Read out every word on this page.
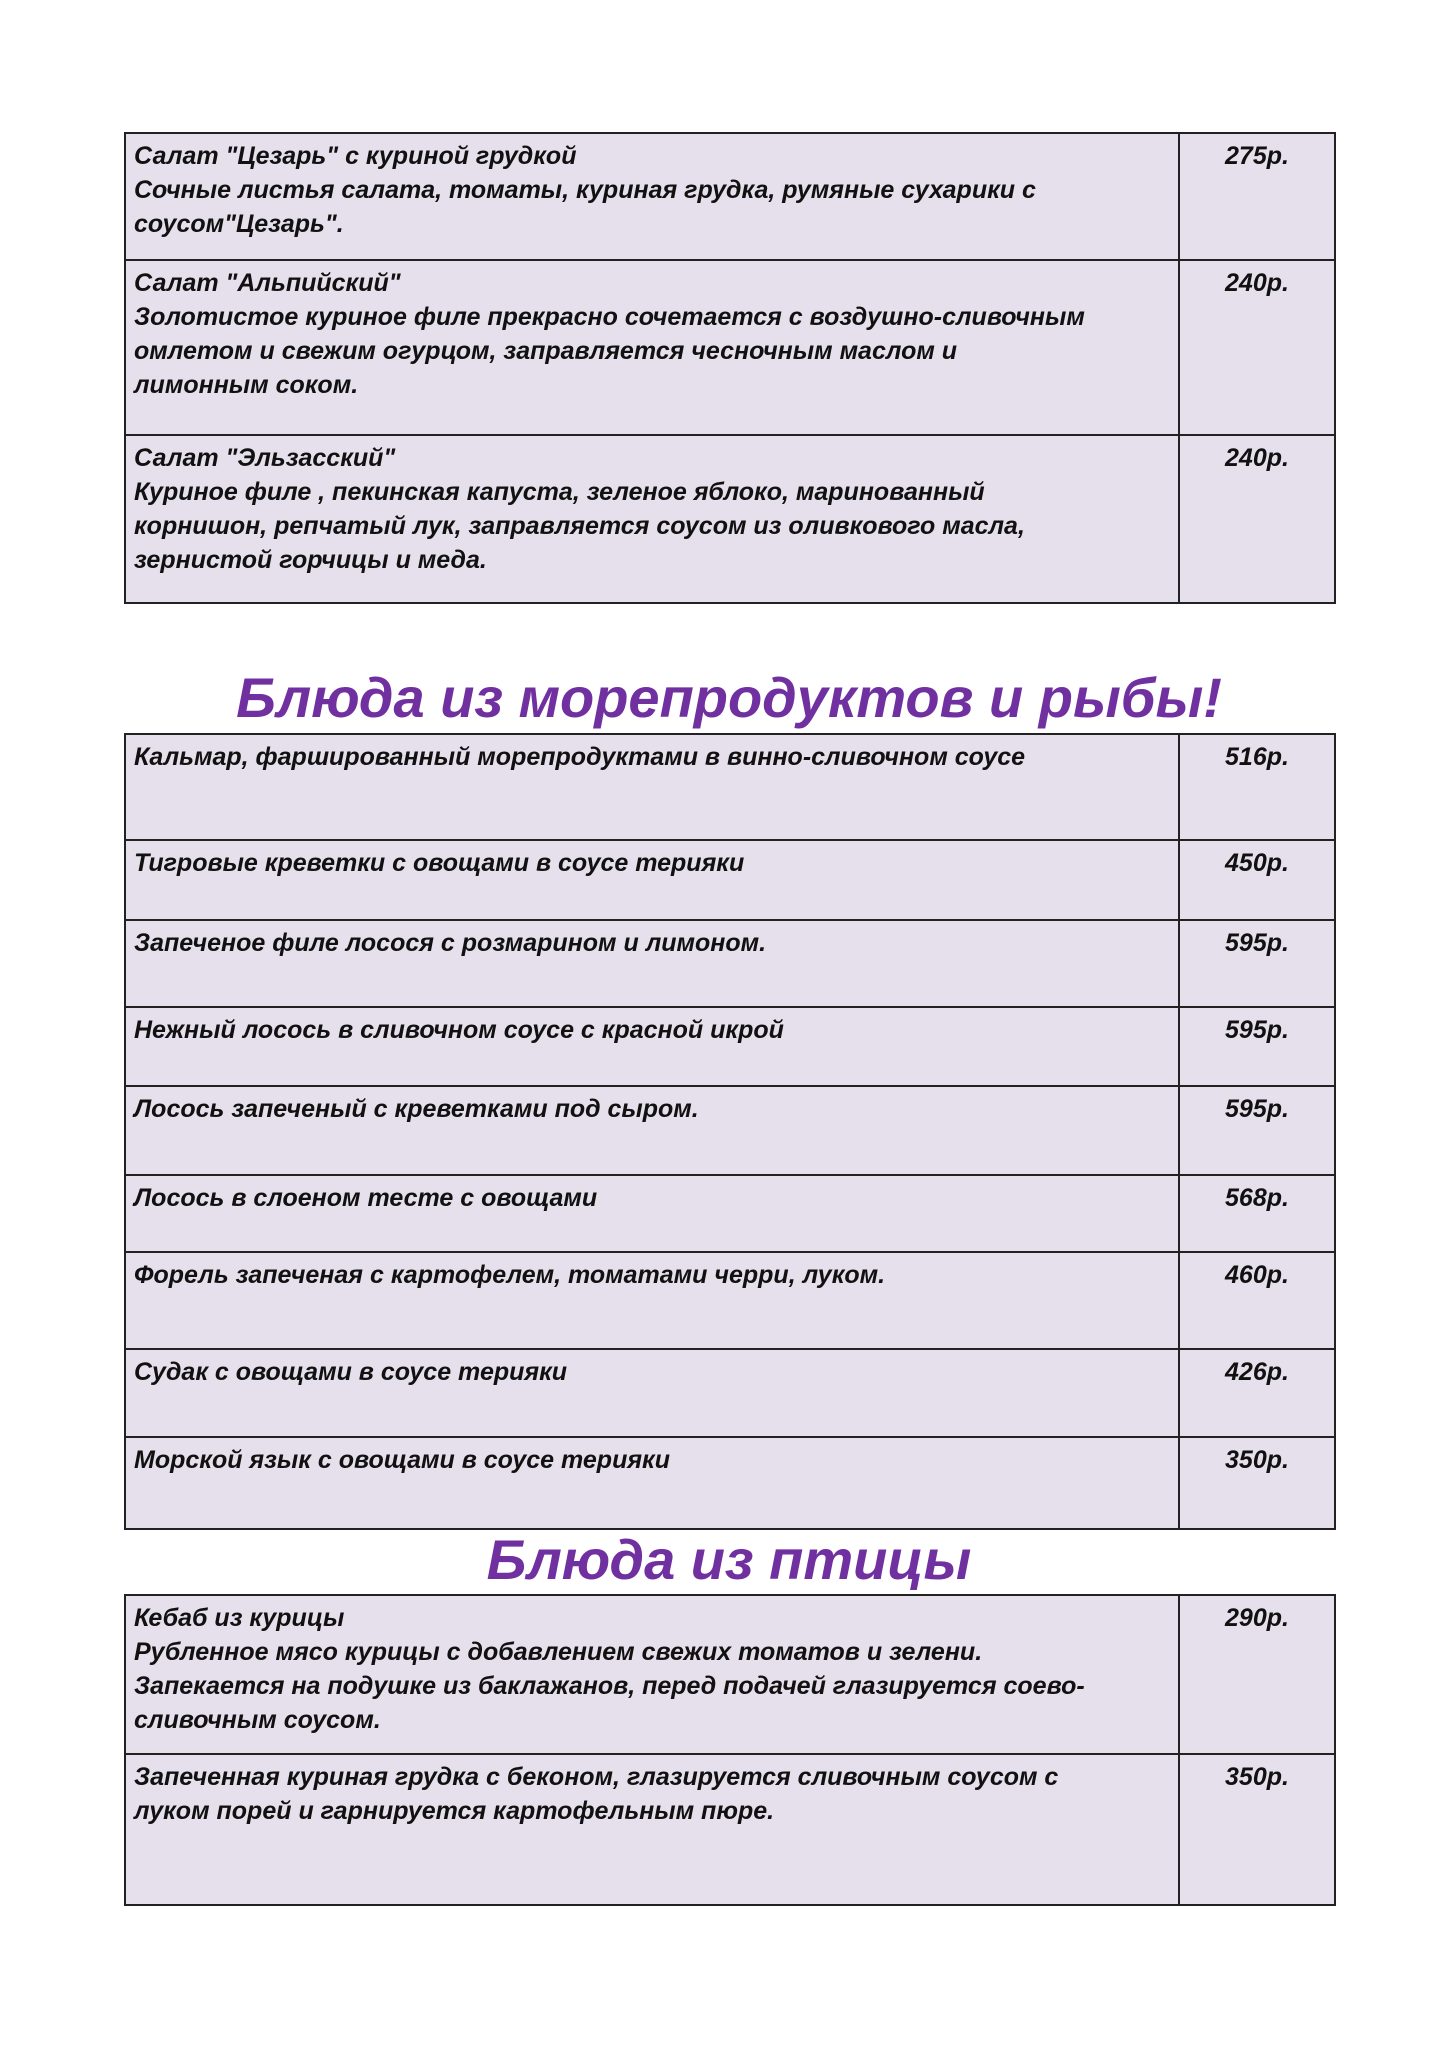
Салат "Цезарь" с куриной грудкой
Сочные листья салата, томаты, куриная грудка, румяные сухарики с
соусом"Цезарь".	275р.

Салат "Альпийский"
Золотистое куриное филе прекрасно сочетается с воздушно-сливочным
омлетом и свежим огурцом, заправляется чесночным маслом и
лимонным соком.	240р.

Салат "Эльзасский"
Куриное филе , пекинская капуста, зеленое яблоко, маринованный
корнишон, репчатый лук, заправляется соусом из оливкового масла,
зернистой горчицы и меда.	240р.
Блюда из морепродуктов и рыбы!
Кальмар, фаршированный морепродуктами в винно-сливочном соусе	516р.
Тигровые креветки с овощами в соусе терияки	450р.
Запеченое филе лосося с розмарином и лимоном.	595р.
Нежный лосось в сливочном соусе с красной икрой	595р.
Лосось запеченый с креветками под сыром.	595р.
Лосось в слоеном тесте с овощами	568р.
Форель запеченая с картофелем, томатами черри, луком.	460р.
Судак с овощами в соусе терияки	426р.
Морской язык с овощами в соусе терияки	350р.
Блюда из птицы
Кебаб из курицы
Рубленное мясо курицы с добавлением свежих томатов и зелени.
Запекается на подушке из баклажанов, перед подачей глазируется соево-
сливочным соусом.	290р.

Запеченная куриная грудка с беконом, глазируется сливочным соусом с
луком порей и гарнируется картофельным пюре.	350р.
